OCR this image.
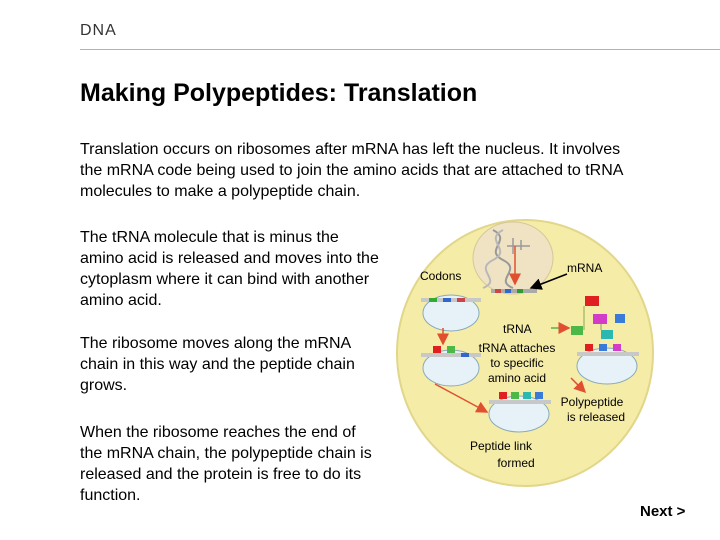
DNA
Making Polypeptides: Translation

Translation occurs on ribosomes after mRNA has left the nucleus. It involves the mRNA code being used to join the amino acids that are attached to tRNA molecules to make a polypeptide chain.

The tRNA molecule that is minus the amino acid is released and moves into the cytoplasm where it can bind with another amino acid.

The ribosome moves along the mRNA chain in this way and the peptide chain grows.

When the ribosome reaches the end of the mRNA chain, the polypeptide chain is released and the protein is free to do its function.

Codons
mRNA
tRNA
tRNA attaches
to specific
amino acid
Polypeptide
is released
Peptide link
formed
Next >
